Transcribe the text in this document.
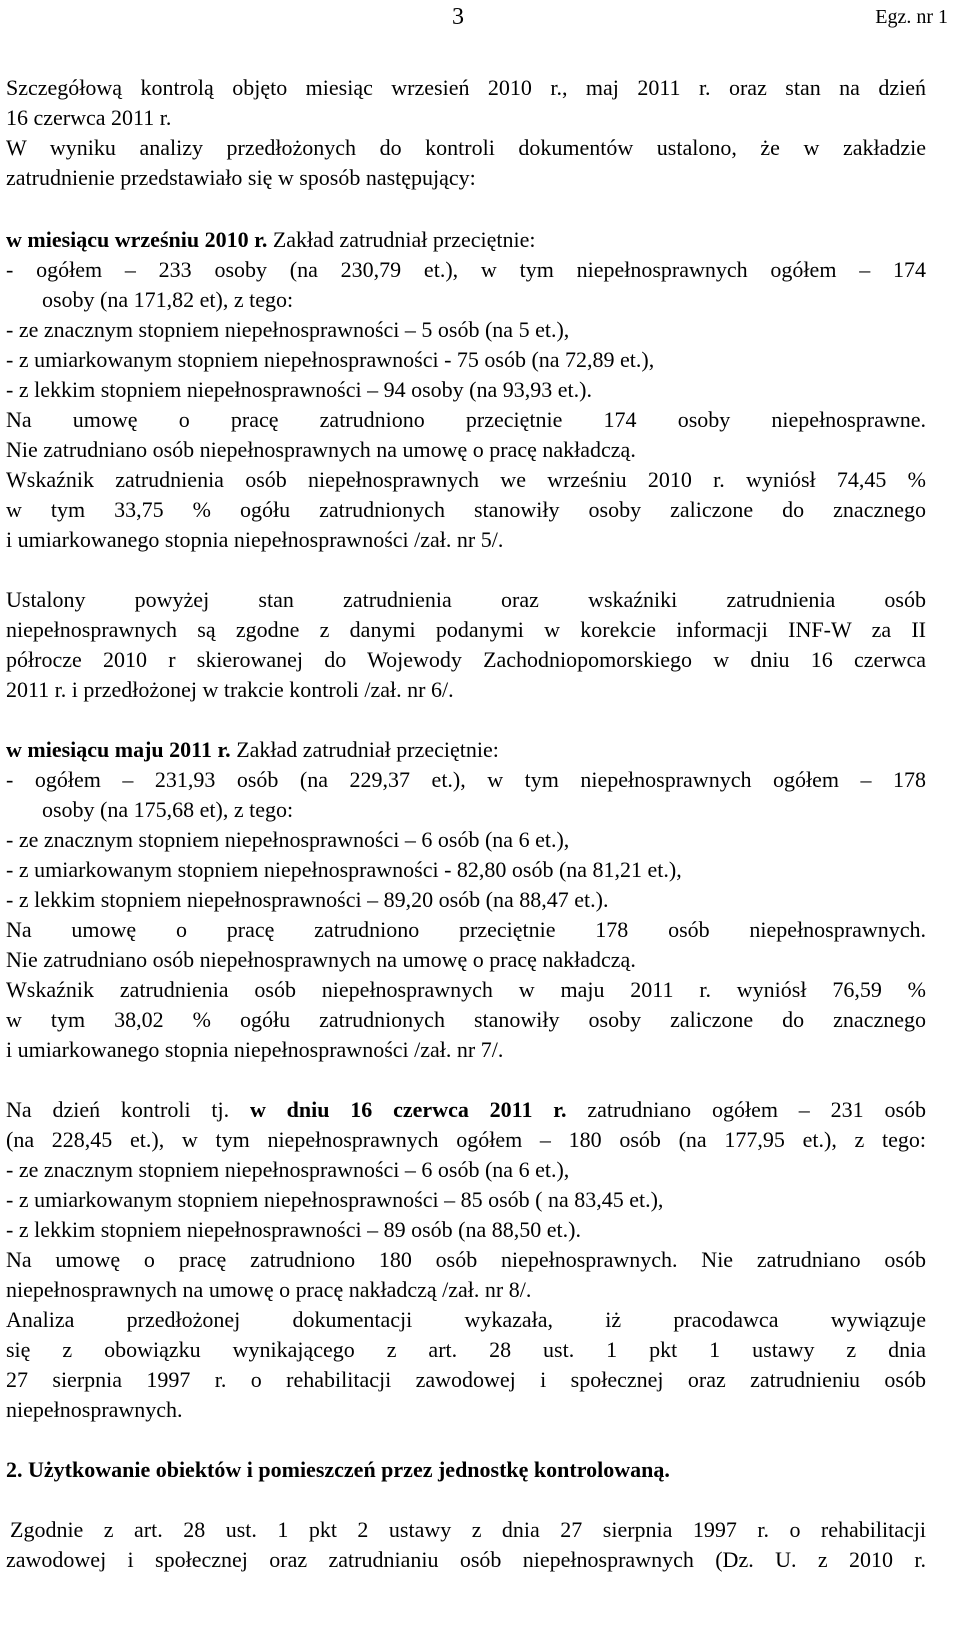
3	Egz. nr 1
Szczegółową kontrolą objęto miesiąc wrzesień 2010 r., maj 2011 r. oraz stan na dzień
16 czerwca 2011 r.
W wyniku analizy przedłożonych do kontroli dokumentów ustalono, że w zakładzie
zatrudnienie przedstawiało się w sposób następujący:
w miesiącu wrześniu 2010 r. Zakład zatrudniał przeciętnie:
- ogółem – 233 osoby (na 230,79 et.), w tym niepełnosprawnych ogółem – 174
osoby (na 171,82 et), z tego:
- ze znacznym stopniem niepełnosprawności – 5 osób (na 5 et.),
- z umiarkowanym stopniem niepełnosprawności - 75 osób (na 72,89 et.),
- z lekkim stopniem niepełnosprawności – 94 osoby (na 93,93 et.).
Na umowę o pracę zatrudniono przeciętnie 174 osoby niepełnosprawne.
Nie zatrudniano osób niepełnosprawnych na umowę o pracę nakładczą.
Wskaźnik zatrudnienia osób niepełnosprawnych we wrześniu 2010 r. wyniósł 74,45 %
w tym 33,75 % ogółu zatrudnionych stanowiły osoby zaliczone do znacznego
i umiarkowanego stopnia niepełnosprawności /zał. nr 5/.
Ustalony powyżej stan zatrudnienia oraz wskaźniki zatrudnienia osób
niepełnosprawnych są zgodne z danymi podanymi w korekcie informacji INF-W za II
półrocze 2010 r skierowanej do Wojewody Zachodniopomorskiego w dniu 16 czerwca
2011 r. i przedłożonej w trakcie kontroli /zał. nr 6/.
w miesiącu maju 2011 r. Zakład zatrudniał przeciętnie:
- ogółem – 231,93 osób (na 229,37 et.), w tym niepełnosprawnych ogółem – 178
osoby (na 175,68 et), z tego:
- ze znacznym stopniem niepełnosprawności – 6 osób (na 6 et.),
- z umiarkowanym stopniem niepełnosprawności - 82,80 osób (na 81,21 et.),
- z lekkim stopniem niepełnosprawności – 89,20 osób (na 88,47 et.).
Na umowę o pracę zatrudniono przeciętnie 178 osób niepełnosprawnych.
Nie zatrudniano osób niepełnosprawnych na umowę o pracę nakładczą.
Wskaźnik zatrudnienia osób niepełnosprawnych w maju 2011 r. wyniósł 76,59 %
w tym 38,02 % ogółu zatrudnionych stanowiły osoby zaliczone do znacznego
i umiarkowanego stopnia niepełnosprawności /zał. nr 7/.
Na dzień kontroli tj. w dniu 16 czerwca 2011 r. zatrudniano ogółem – 231 osób
(na 228,45 et.), w tym niepełnosprawnych ogółem – 180 osób (na 177,95 et.), z tego:
- ze znacznym stopniem niepełnosprawności – 6 osób (na 6 et.),
- z umiarkowanym stopniem niepełnosprawności – 85 osób ( na 83,45 et.),
- z lekkim stopniem niepełnosprawności – 89 osób (na 88,50 et.).
Na umowę o pracę zatrudniono 180 osób niepełnosprawnych. Nie zatrudniano osób
niepełnosprawnych na umowę o pracę nakładczą /zał. nr 8/.
Analiza przedłożonej dokumentacji wykazała, iż pracodawca wywiązuje
się z obowiązku wynikającego z art. 28 ust. 1 pkt 1 ustawy z dnia
27 sierpnia 1997 r. o rehabilitacji zawodowej i społecznej oraz zatrudnieniu osób
niepełnosprawnych.
2. Użytkowanie obiektów i pomieszczeń przez jednostkę kontrolowaną.
Zgodnie z art. 28 ust. 1 pkt 2 ustawy z dnia 27 sierpnia 1997 r. o rehabilitacji
zawodowej i społecznej oraz zatrudnianiu osób niepełnosprawnych (Dz. U. z 2010 r.
